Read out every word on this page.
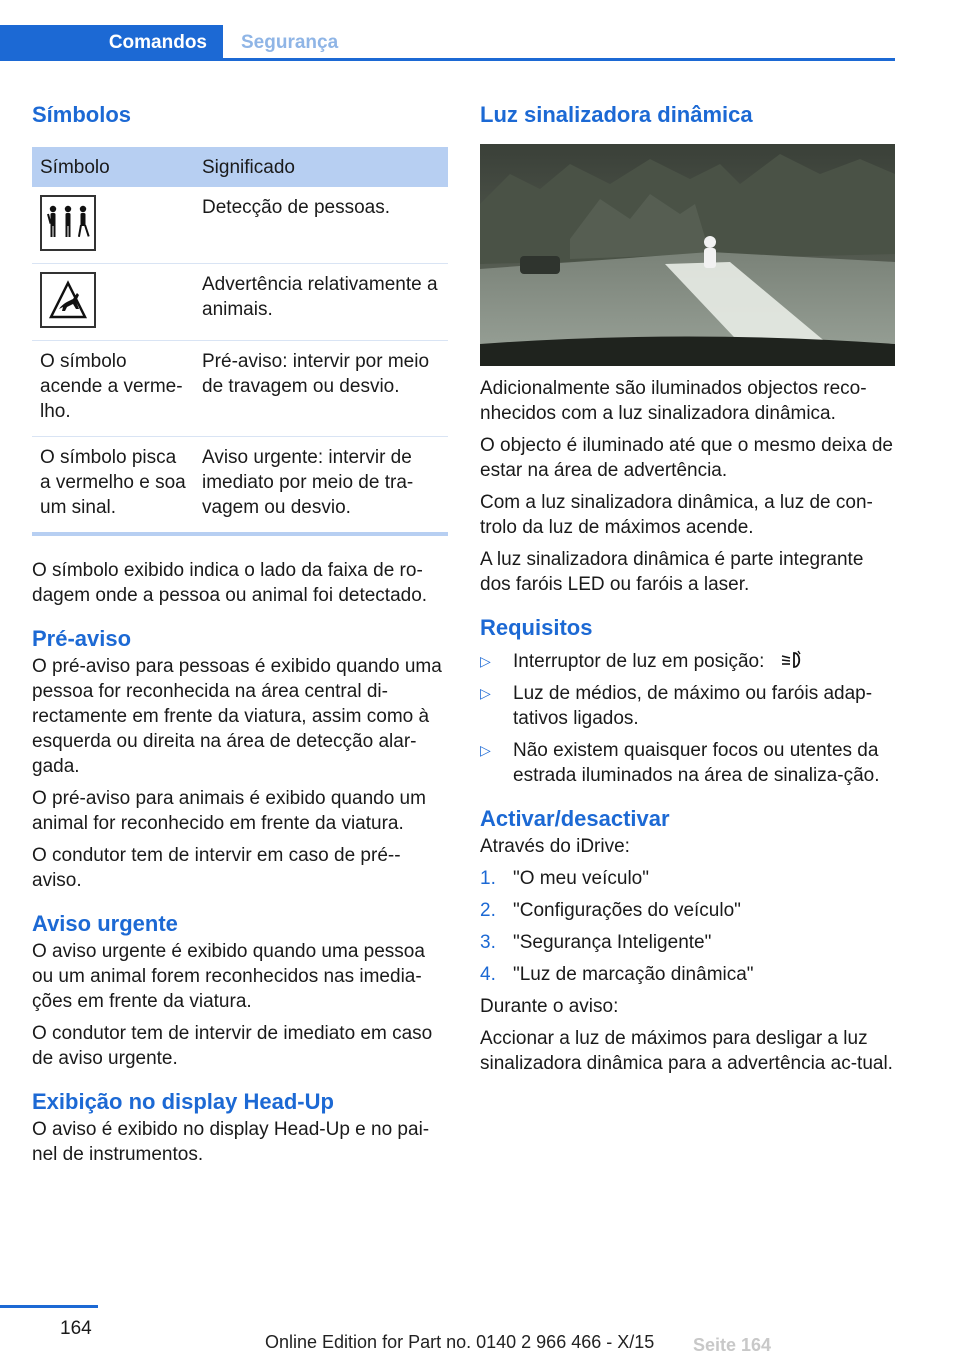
Comandos	Segurança
Símbolos
Símbolo	Significado

	Detecção de pessoas.

	Advertência relativamente a animais.
O símbolo acende a verme-lho.	Pré-aviso: intervir por meio de travagem ou desvio.
O símbolo pisca a vermelho e soa um sinal.	Aviso urgente: intervir de imediato por meio de tra-vagem ou desvio.

O símbolo exibido indica o lado da faixa de ro-dagem onde a pessoa ou animal foi detectado.

Pré-aviso

O pré-aviso para pessoas é exibido quando uma pessoa for reconhecida na área central di-rectamente em frente da viatura, assim como à esquerda ou direita na área de detecção alar-gada.

O pré-aviso para animais é exibido quando um animal for reconhecido em frente da viatura.

O condutor tem de intervir em caso de pré--aviso.

Aviso urgente

O aviso urgente é exibido quando uma pessoa ou um animal forem reconhecidos nas imedia-ções em frente da viatura.

O condutor tem de intervir de imediato em caso de aviso urgente.

Exibição no display Head-Up

O aviso é exibido no display Head-Up e no pai-nel de instrumentos.

Luz sinalizadora dinâmica

Adicionalmente são iluminados objectos reco-nhecidos com a luz sinalizadora dinâmica.

O objecto é iluminado até que o mesmo deixa de estar na área de advertência.

Com a luz sinalizadora dinâmica, a luz de con-trolo da luz de máximos acende.

A luz sinalizadora dinâmica é parte integrante dos faróis LED ou faróis a laser.

Requisitos
▷ Interruptor de luz em posição:
▷ Luz de médios, de máximo ou faróis adap-tativos ligados.
▷ Não existem quaisquer focos ou utentes da estrada iluminados na área de sinaliza-ção.
Activar/desactivar

Através do iDrive:

1. "O meu veículo"
2. "Configurações do veículo"
3. "Segurança Inteligente"
4. "Luz de marcação dinâmica"

Durante o aviso:

Accionar a luz de máximos para desligar a luz sinalizadora dinâmica para a advertência ac-tual.

164
Online Edition for Part no. 0140 2 966 466 - X/15 Seite 164
